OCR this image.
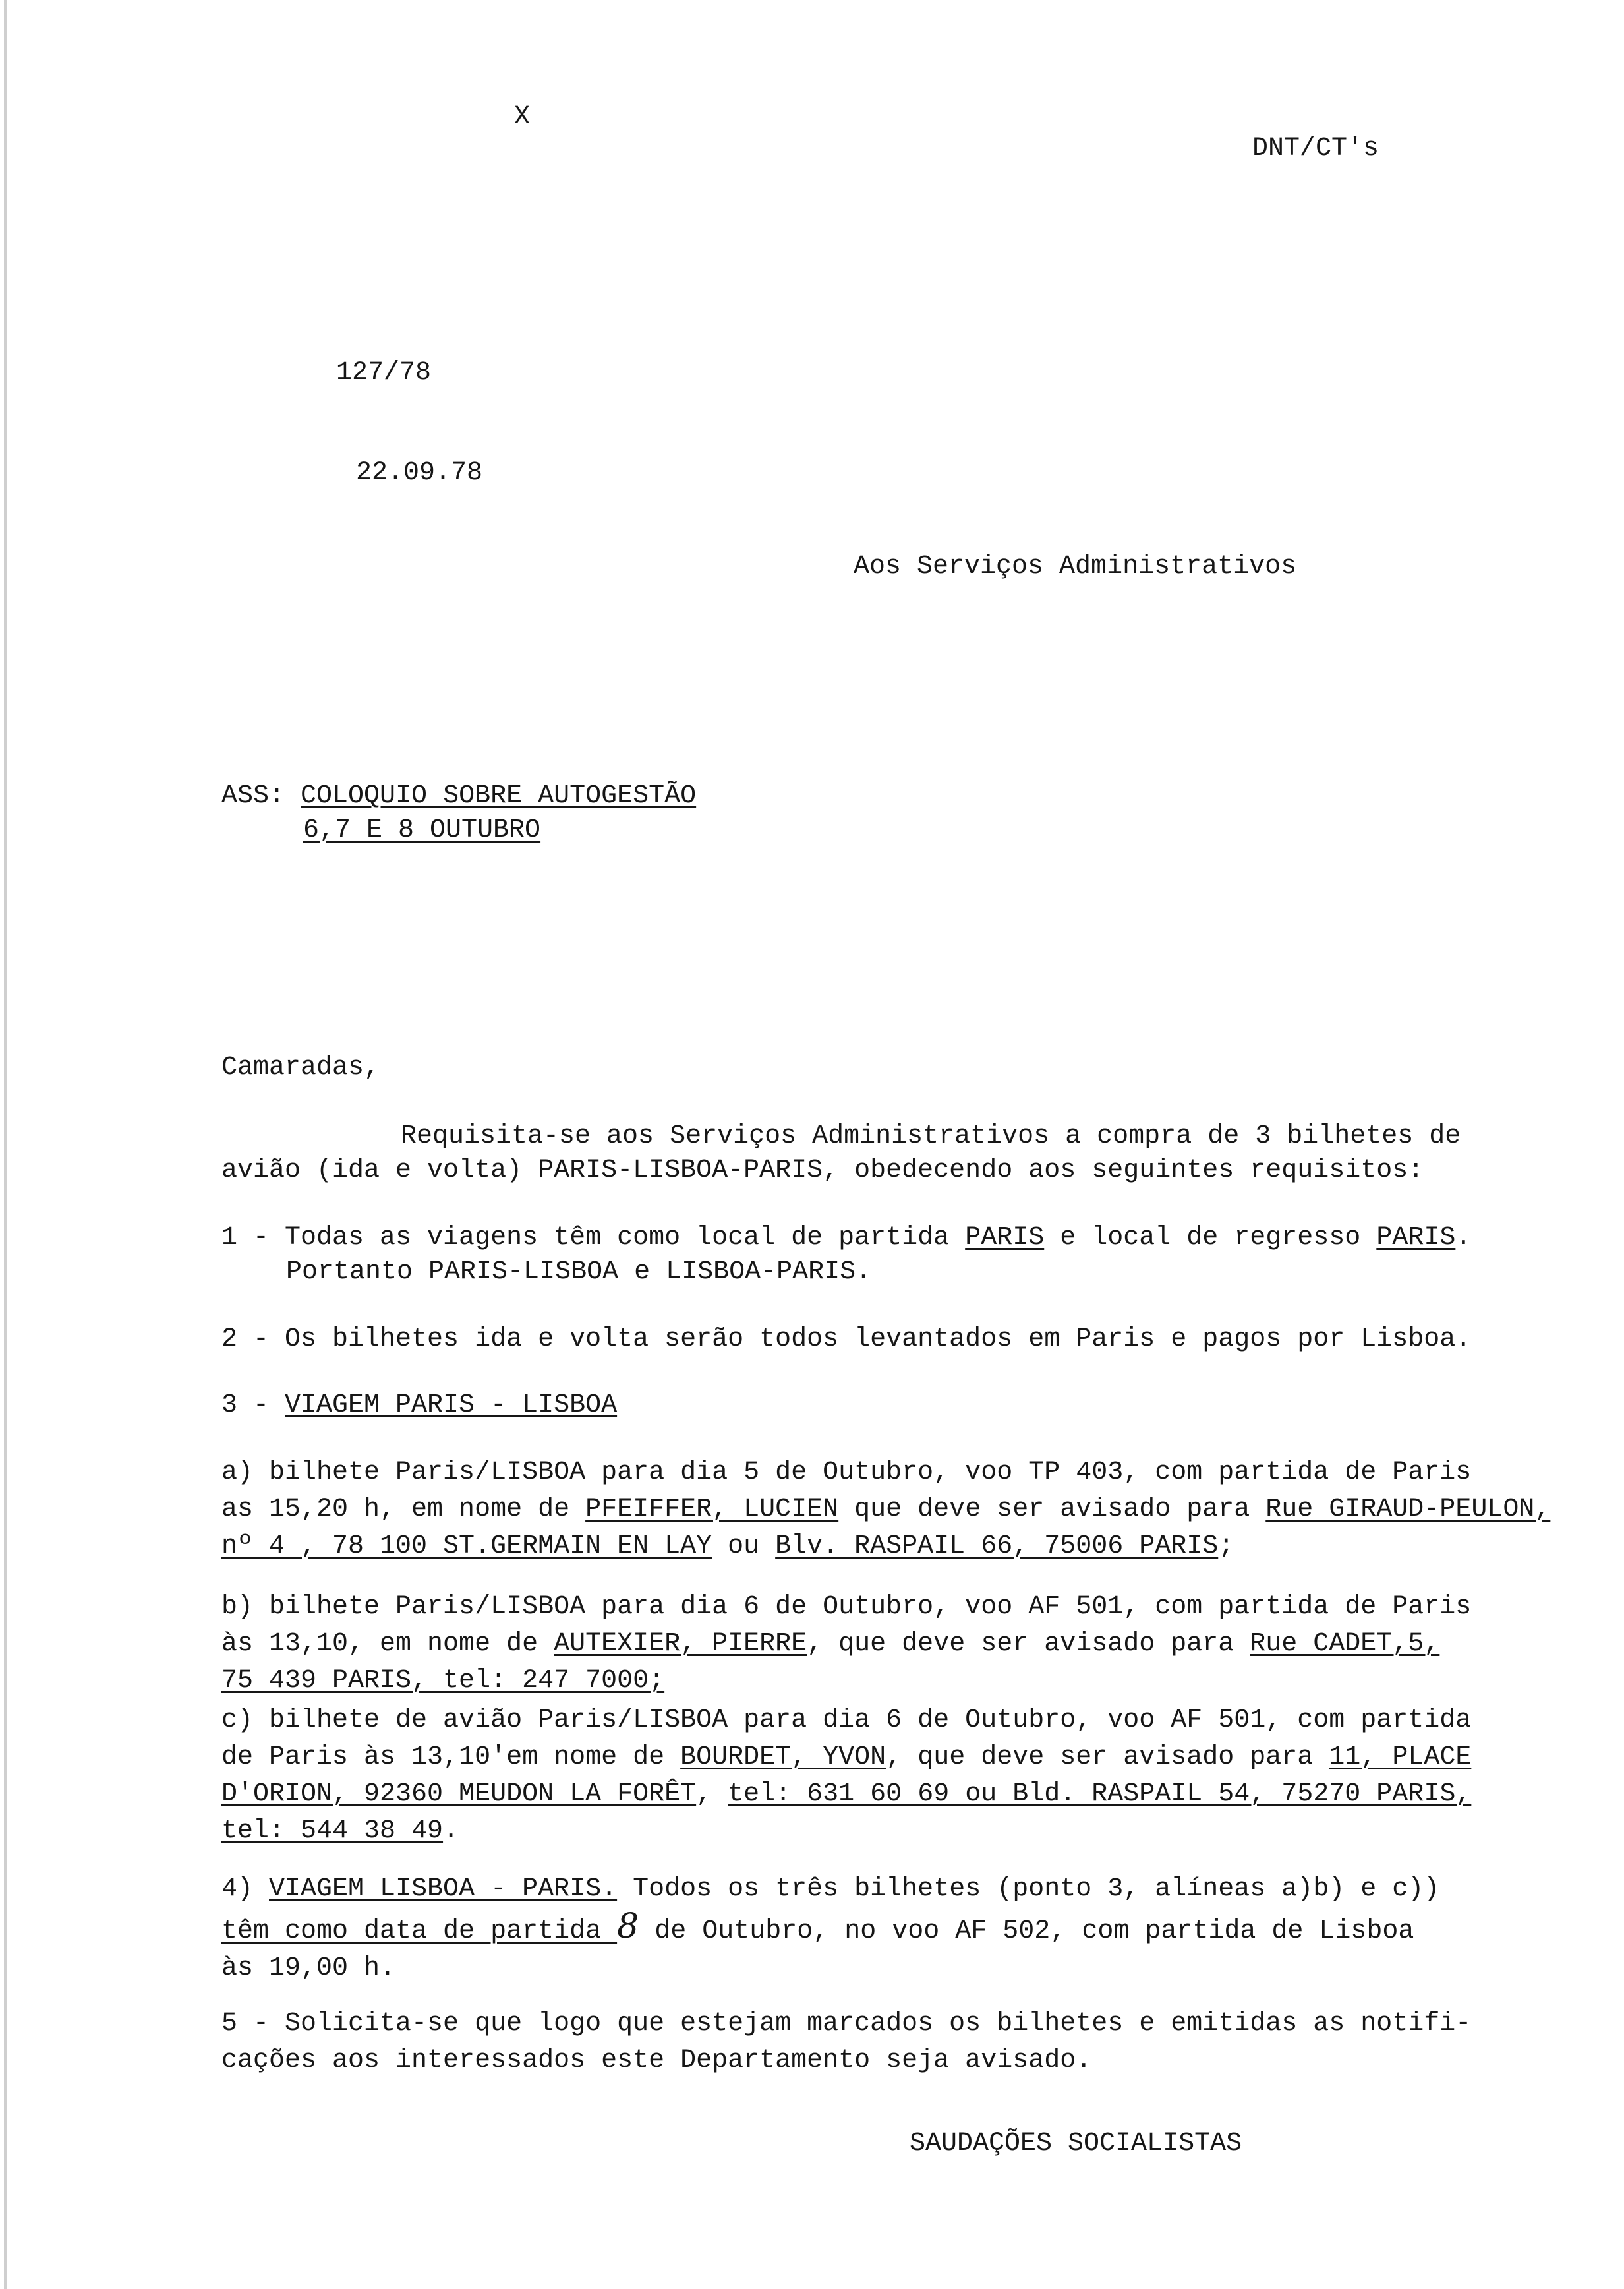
X
DNT/CT's
127/78
22.09.78
Aos Serviços Administrativos
ASS: COLOQUIO SOBRE AUTOGESTÃO
6,7 E 8 OUTUBRO
Camaradas,
Requisita-se aos Serviços Administrativos a compra de 3 bilhetes de
avião (ida e volta) PARIS-LISBOA-PARIS, obedecendo aos seguintes requisitos:
1 - Todas as viagens têm como local de partida PARIS e local de regresso PARIS.
Portanto PARIS-LISBOA e LISBOA-PARIS.
2 - Os bilhetes ida e volta serão todos levantados em Paris e pagos por Lisboa.
3 - VIAGEM PARIS - LISBOA
a) bilhete Paris/LISBOA para dia 5 de Outubro, voo TP 403, com partida de Paris
as 15,20 h, em nome de PFEIFFER, LUCIEN que deve ser avisado para Rue GIRAUD-PEULON,
nº 4 , 78 100 ST.GERMAIN EN LAY ou Blv. RASPAIL 66, 75006 PARIS;
b) bilhete Paris/LISBOA para dia 6 de Outubro, voo AF 501, com partida de Paris
às 13,10, em nome de AUTEXIER, PIERRE, que deve ser avisado para Rue CADET,5,
75 439 PARIS, tel: 247 7000;
c) bilhete de avião Paris/LISBOA para dia 6 de Outubro, voo AF 501, com partida
de Paris às 13,10'em nome de BOURDET, YVON, que deve ser avisado para 11, PLACE
D'ORION, 92360 MEUDON LA FORÊT, tel: 631 60 69 ou Bld. RASPAIL 54, 75270 PARIS,
tel: 544 38 49.
4) VIAGEM LISBOA - PARIS. Todos os três bilhetes (ponto 3, alíneas a)b) e c))
têm como data de partida 8 de Outubro, no voo AF 502, com partida de Lisboa
às 19,00 h.
5 - Solicita-se que logo que estejam marcados os bilhetes e emitidas as notifi-
cações aos interessados este Departamento seja avisado.
SAUDAÇÕES SOCIALISTAS
